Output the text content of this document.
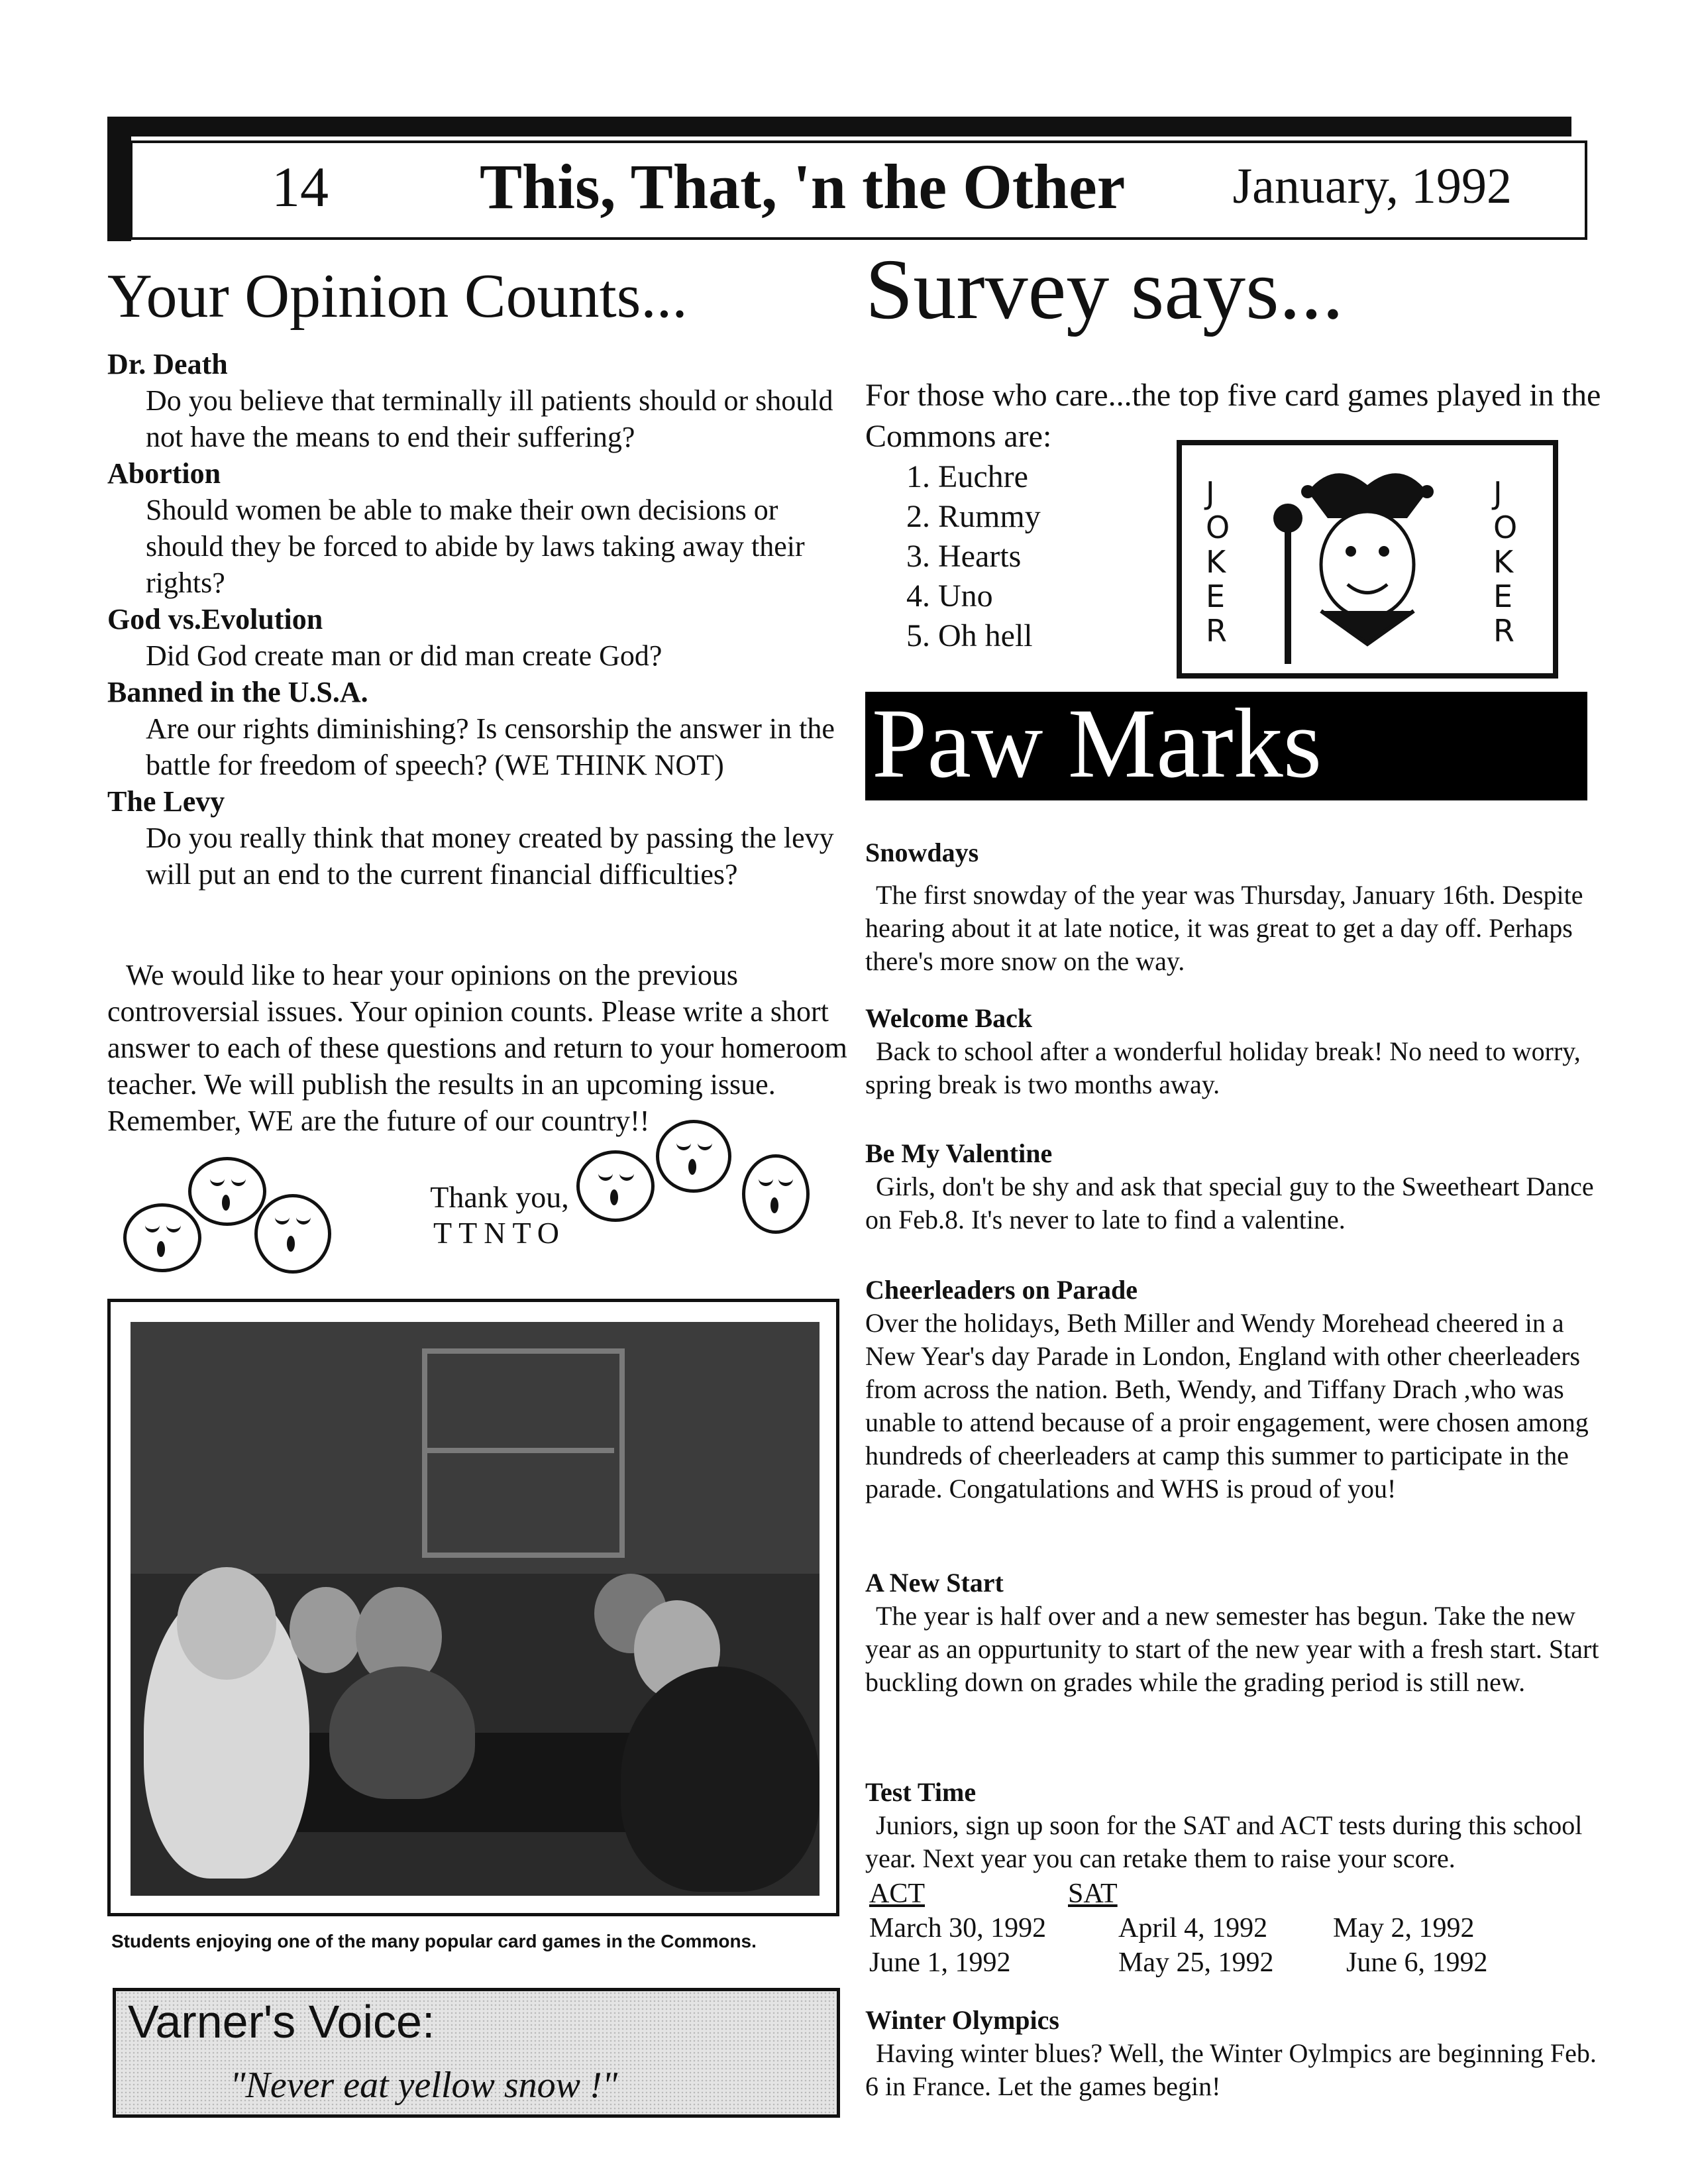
14 This, That, 'n the Other January, 1992
Your Opinion Counts...
Dr. Death
Do you believe that terminally ill patients should or should not have the means to end their suffering?
Abortion
Should women be able to make their own decisions or should they be forced to abide by laws taking away their rights?
God vs.Evolution
Did God create man or did man create God?
Banned in the U.S.A.
Are our rights diminishing? Is censorship the answer in the battle for freedom of speech? (WE THINK NOT)
The Levy
Do you really think that money created by passing the levy will put an end to the current financial difficulties?

We would like to hear your opinions on the previous controversial issues. Your opinion counts. Please write a short answer to each of these questions and return to your homeroom teacher. We will publish the results in an upcoming issue. Remember, WE are the future of our country!!

Thank you,
TTNTO
Students enjoying one of the many popular card games in the Commons.
Varner's Voice:
"Never eat yellow snow !"
Survey says...
For those who care...the top five card games played in the Commons are:
1. Euchre
2. Rummy
3. Hearts
4. Uno
5. Oh hell
J
O
K
E
R
J
O
K
E
R
Paw Marks
Snowdays
The first snowday of the year was Thursday, January 16th. Despite hearing about it at late notice, it was great to get a day off. Perhaps there's more snow on the way.
Welcome Back
Back to school after a wonderful holiday break! No need to worry, spring break is two months away.
Be My Valentine
Girls, don't be shy and ask that special guy to the Sweetheart Dance on Feb.8. It's never to late to find a valentine.
Cheerleaders on Parade
Over the holidays, Beth Miller and Wendy Morehead cheered in a New Year's day Parade in London, England with other cheerleaders from across the nation. Beth, Wendy, and Tiffany Drach ,who was unable to attend because of a proir engagement, were chosen among hundreds of cheerleaders at camp this summer to participate in the parade. Congatulations and WHS is proud of you!
A New Start
The year is half over and a new semester has begun. Take the new year as an oppurtunity to start of the new year with a fresh start. Start buckling down on grades while the grading period is still new.
Test Time
Juniors, sign up soon for the SAT and ACT tests during this school year. Next year you can retake them to raise your score.
ACT	SAT
March 30, 1992
June 1, 1992
April 4, 1992
May 25, 1992
May 2, 1992
June 6, 1992
Winter Olympics
Having winter blues? Well, the Winter Oylmpics are beginning Feb. 6 in France. Let the games begin!
